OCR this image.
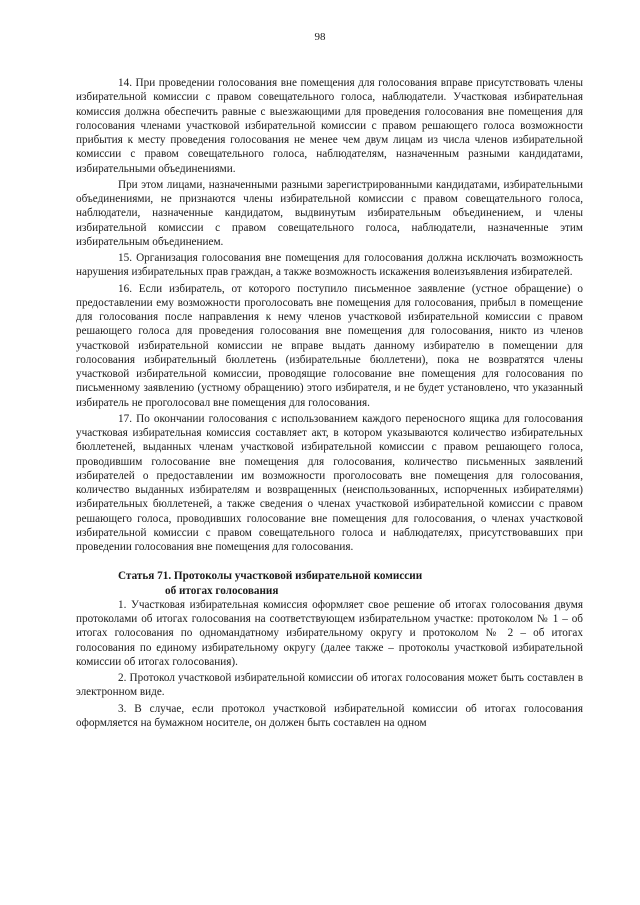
98

14. При проведении голосования вне помещения для голосования вправе присутствовать члены избирательной комиссии с правом совещательного голоса, наблюдатели. Участковая избирательная комиссия должна обеспечить равные с выезжающими для проведения голосования вне помещения для голосования членами участковой избирательной комиссии с правом решающего голоса возможности прибытия к месту проведения голосования не менее чем двум лицам из числа членов избирательной комиссии с правом совещательного голоса, наблюдателям, назначенным разными кандидатами, избирательными объединениями.

При этом лицами, назначенными разными зарегистрированными кандидатами, избирательными объединениями, не признаются члены избирательной комиссии с правом совещательного голоса, наблюдатели, назначенные кандидатом, выдвинутым избирательным объединением, и члены избирательной комиссии с правом совещательного голоса, наблюдатели, назначенные этим избирательным объединением.

15. Организация голосования вне помещения для голосования должна исключать возможность нарушения избирательных прав граждан, а также возможность искажения волеизъявления избирателей.

16. Если избиратель, от которого поступило письменное заявление (устное обращение) о предоставлении ему возможности проголосовать вне помещения для голосования, прибыл в помещение для голосования после направления к нему членов участковой избирательной комиссии с правом решающего голоса для проведения голосования вне помещения для голосования, никто из членов участковой избирательной комиссии не вправе выдать данному избирателю в помещении для голосования избирательный бюллетень (избирательные бюллетени), пока не возвратятся члены участковой избирательной комиссии, проводящие голосование вне помещения для голосования по письменному заявлению (устному обращению) этого избирателя, и не будет установлено, что указанный избиратель не проголосовал вне помещения для голосования.

17. По окончании голосования с использованием каждого переносного ящика для голосования участковая избирательная комиссия составляет акт, в котором указываются количество избирательных бюллетеней, выданных членам участковой избирательной комиссии с правом решающего голоса, проводившим голосование вне помещения для голосования, количество письменных заявлений избирателей о предоставлении им возможности проголосовать вне помещения для голосования, количество выданных избирателям и возвращенных (неиспользованных, испорченных избирателями) избирательных бюллетеней, а также сведения о членах участковой избирательной комиссии с правом решающего голоса, проводивших голосование вне помещения для голосования, о членах участковой избирательной комиссии с правом совещательного голоса и наблюдателях, присутствовавших при проведении голосования вне помещения для голосования.

Статья 71. Протоколы участковой избирательной комиссии
об итогах голосования

1. Участковая избирательная комиссия оформляет свое решение об итогах голосования двумя протоколами об итогах голосования на соответствующем избирательном участке: протоколом № 1 – об итогах голосования по одномандатному избирательному округу и протоколом № 2 – об итогах голосования по единому избирательному округу (далее также – протоколы участковой избирательной комиссии об итогах голосования).

2. Протокол участковой избирательной комиссии об итогах голосования может быть составлен в электронном виде.

3. В случае, если протокол участковой избирательной комиссии об итогах голосования оформляется на бумажном носителе, он должен быть составлен на одном
